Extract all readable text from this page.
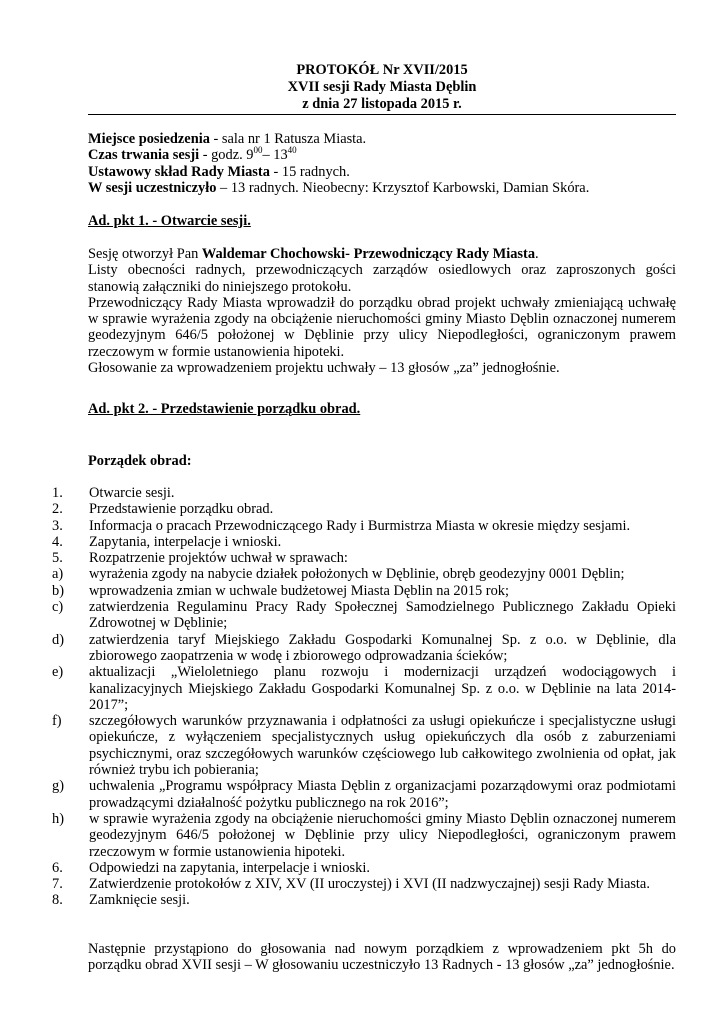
PROTOKÓŁ Nr XVII/2015
XVII sesji Rady Miasta Dęblin
z dnia 27 listopada 2015 r.
Miejsce posiedzenia - sala nr 1 Ratusza Miasta.
Czas trwania sesji - godz. $9^{00}-$ $13^{40}$
Ustawowy skład Rady Miasta - 15 radnych.
W sesji uczestniczyło – 13 radnych. Nieobecny: Krzysztof Karbowski, Damian Skóra.
Ad. pkt 1. - Otwarcie sesji.
Sesję otworzył Pan Waldemar Chochowski- Przewodniczący Rady Miasta.
Listy obecności radnych, przewodniczących zarządów osiedlowych oraz zaproszonych gości stanowią załączniki do niniejszego protokołu.
Przewodniczący Rady Miasta wprowadził do porządku obrad projekt uchwały zmieniającą uchwałę w sprawie wyrażenia zgody na obciążenie nieruchomości gminy Miasto Dęblin oznaczonej numerem geodezyjnym 646/5 położonej w Dęblinie przy ulicy Niepodległości, ograniczonym prawem rzeczowym w formie ustanowienia hipoteki.
Głosowanie za wprowadzeniem projektu uchwały – 13 głosów „za” jednogłośnie.
Ad. pkt 2. - Przedstawienie porządku obrad.
Porządek obrad:
1. Otwarcie sesji.
2. Przedstawienie porządku obrad.
3. Informacja o pracach Przewodniczącego Rady i Burmistrza Miasta w okresie między sesjami.
4. Zapytania, interpelacje i wnioski.
5. Rozpatrzenie projektów uchwał w sprawach:
a) wyrażenia zgody na nabycie działek położonych w Dęblinie, obręb geodezyjny 0001 Dęblin;
b) wprowadzenia zmian w uchwale budżetowej Miasta Dęblin na 2015 rok;
c) zatwierdzenia Regulaminu Pracy Rady Społecznej Samodzielnego Publicznego Zakładu Opieki Zdrowotnej w Dęblinie;
d) zatwierdzenia taryf Miejskiego Zakładu Gospodarki Komunalnej Sp. z o.o. w Dęblinie, dla zbiorowego zaopatrzenia w wodę i zbiorowego odprowadzania ścieków;
e) aktualizacji „Wieloletniego planu rozwoju i modernizacji urządzeń wodociągowych i kanalizacyjnych Miejskiego Zakładu Gospodarki Komunalnej Sp. z o.o. w Dęblinie na lata 2014-2017”;
f) szczegółowych warunków przyznawania i odpłatności za usługi opiekuńcze i specjalistyczne usługi opiekuńcze, z wyłączeniem specjalistycznych usług opiekuńczych dla osób z zaburzeniami psychicznymi, oraz szczegółowych warunków częściowego lub całkowitego zwolnienia od opłat, jak również trybu ich pobierania;
g) uchwalenia „Programu współpracy Miasta Dęblin z organizacjami pozarządowymi oraz podmiotami prowadzącymi działalność pożytku publicznego na rok 2016”;
h) w sprawie wyrażenia zgody na obciążenie nieruchomości gminy Miasto Dęblin oznaczonej numerem geodezyjnym 646/5 położonej w Dęblinie przy ulicy Niepodległości, ograniczonym prawem rzeczowym w formie ustanowienia hipoteki.
6. Odpowiedzi na zapytania, interpelacje i wnioski.
7. Zatwierdzenie protokołów z XIV, XV (II uroczystej) i XVI (II nadzwyczajnej) sesji Rady Miasta.
8. Zamknięcie sesji.
Następnie przystąpiono do głosowania nad nowym porządkiem z wprowadzeniem pkt 5h do porządku obrad XVII sesji – W głosowaniu uczestniczyło 13 Radnych - 13 głosów „za” jednogłośnie.
